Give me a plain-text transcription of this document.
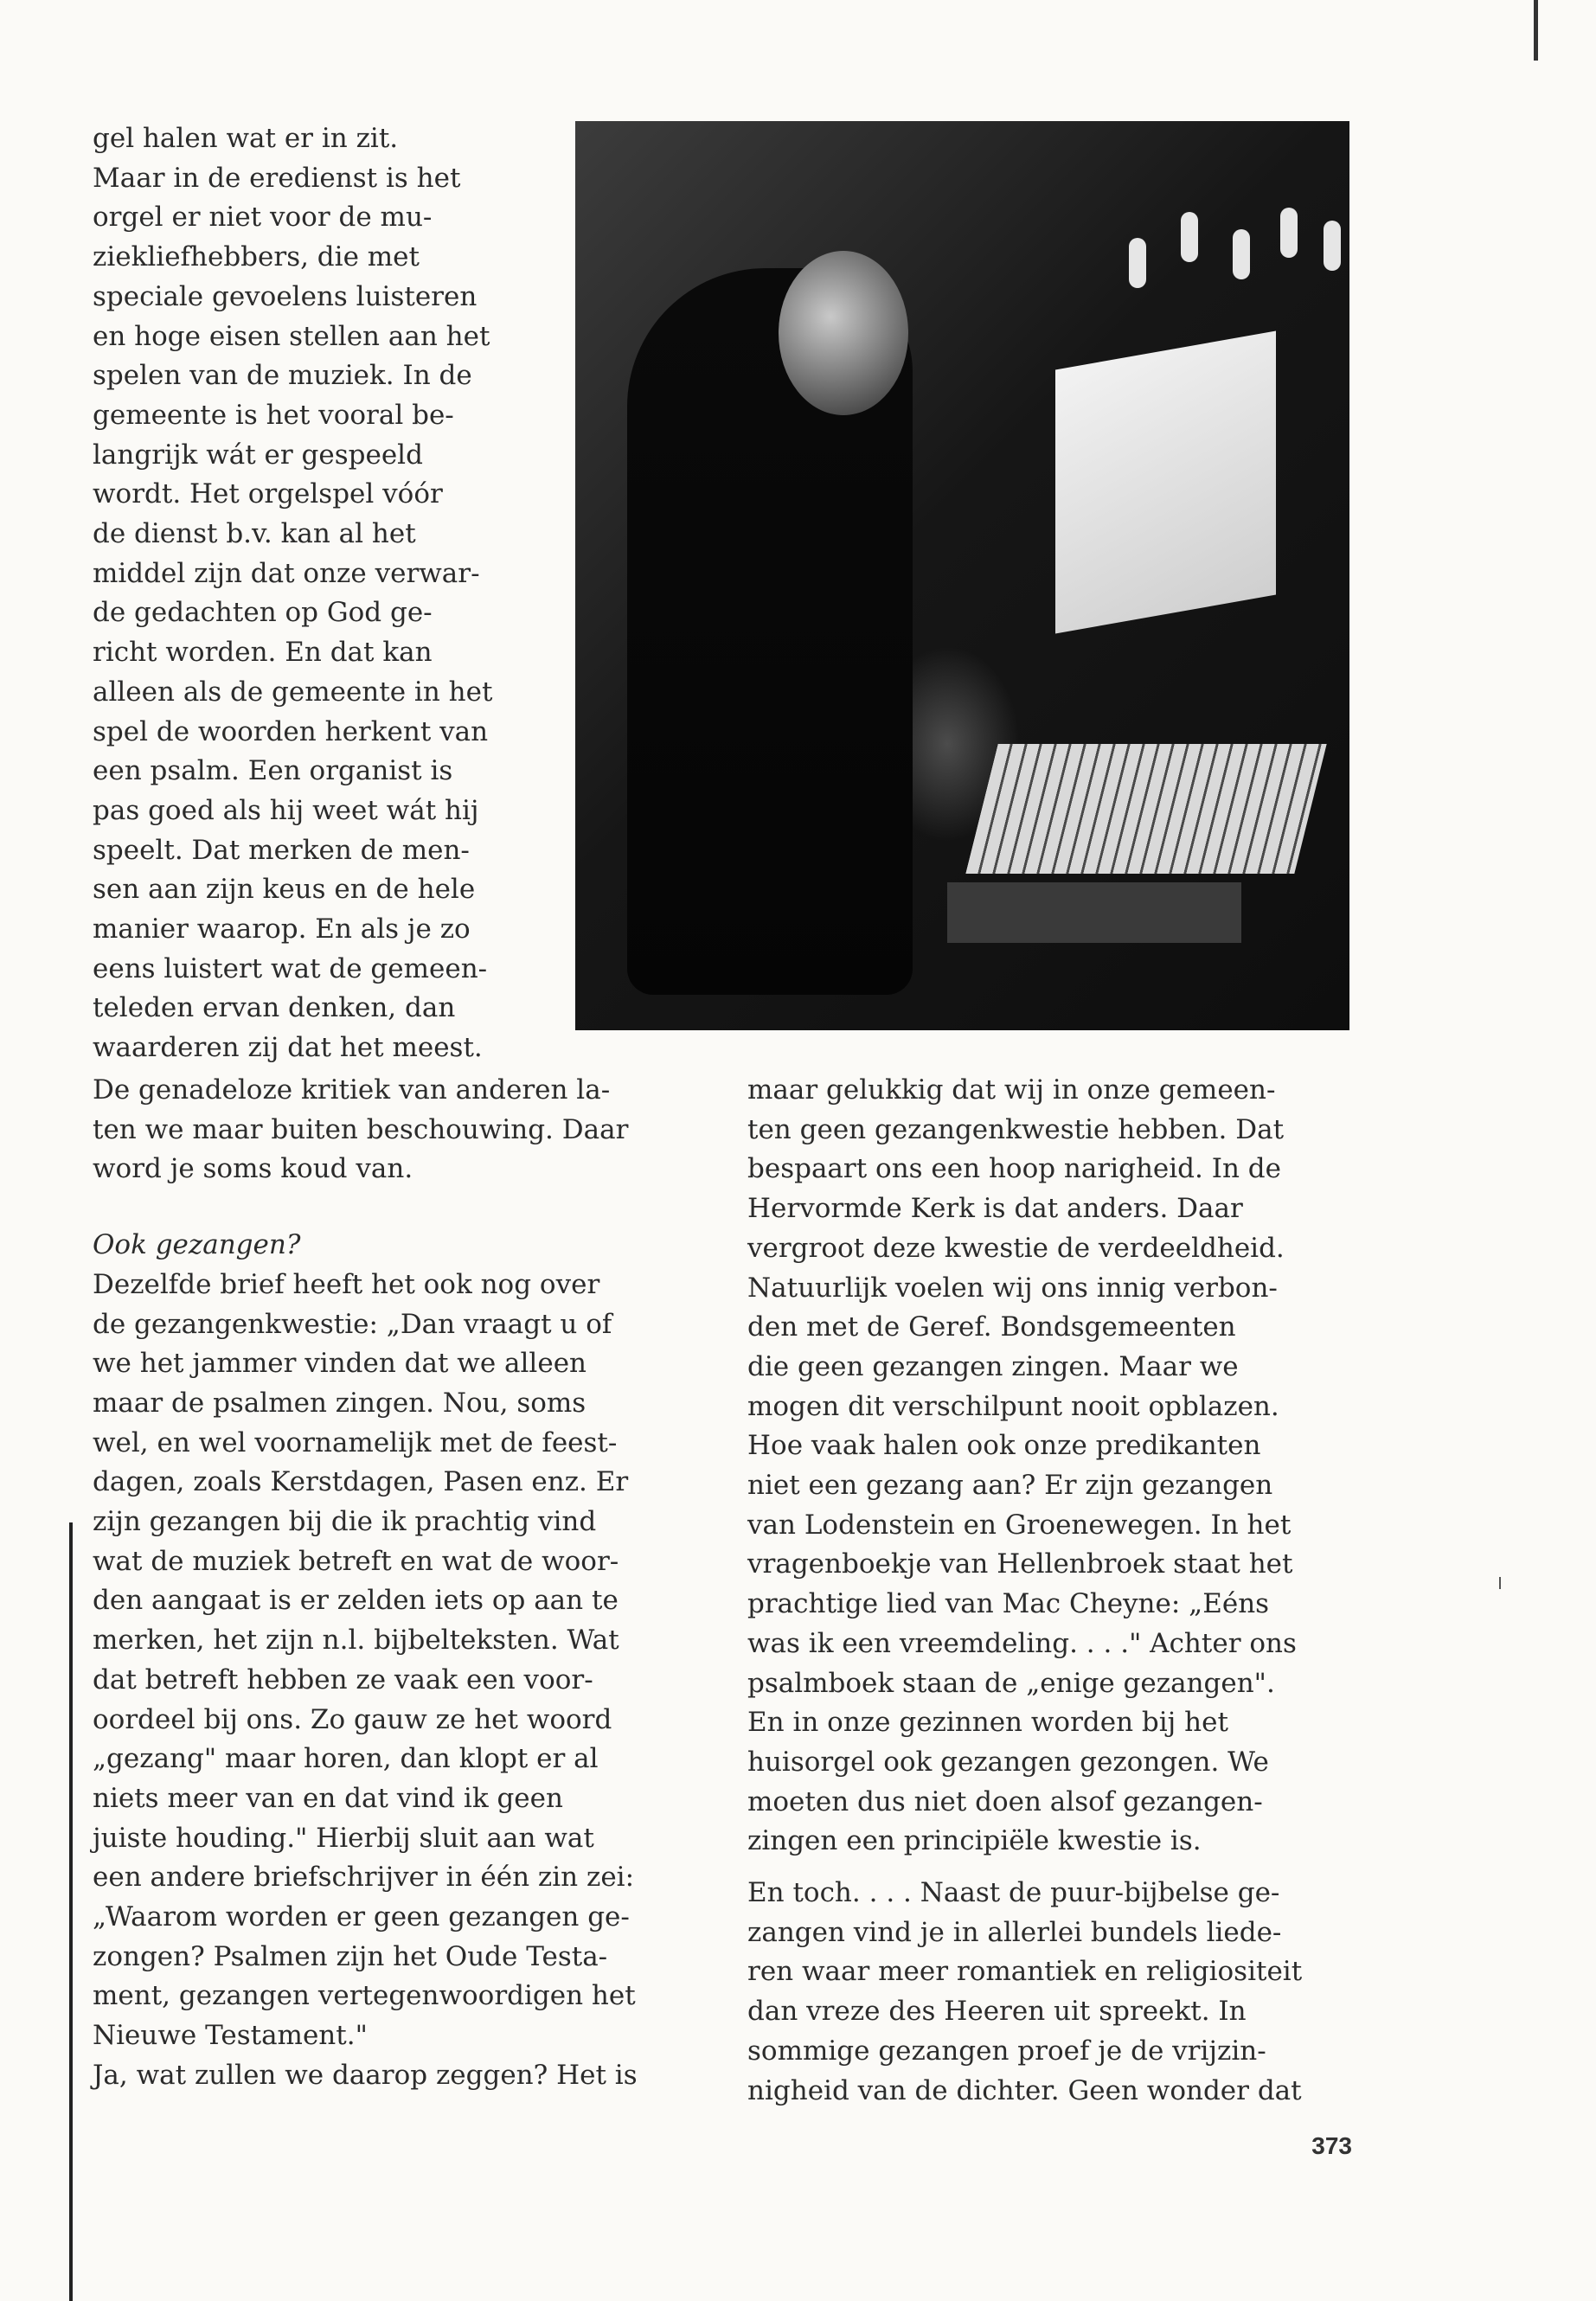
gel halen wat er in zit.

Maar in de eredienst is het

orgel er niet voor de mu-

ziekliefhebbers, die met

speciale gevoelens luisteren

en hoge eisen stellen aan het

spelen van de muziek. In de

gemeente is het vooral be-

langrijk wát er gespeeld

wordt. Het orgelspel vóór

de dienst b.v. kan al het

middel zijn dat onze verwar-

de gedachten op God ge-

richt worden. En dat kan

alleen als de gemeente in het

spel de woorden herkent van

een psalm. Een organist is

pas goed als hij weet wát hij

speelt. Dat merken de men-

sen aan zijn keus en de hele

manier waarop. En als je zo

eens luistert wat de gemeen-

teleden ervan denken, dan

waarderen zij dat het meest.

De genadeloze kritiek van anderen la-

ten we maar buiten beschouwing. Daar

word je soms koud van.

Ook gezangen?

Dezelfde brief heeft het ook nog over

de gezangenkwestie: „Dan vraagt u of

we het jammer vinden dat we alleen

maar de psalmen zingen. Nou, soms

wel, en wel voornamelijk met de feest-

dagen, zoals Kerstdagen, Pasen enz. Er

zijn gezangen bij die ik prachtig vind

wat de muziek betreft en wat de woor-

den aangaat is er zelden iets op aan te

merken, het zijn n.l. bijbelteksten. Wat

dat betreft hebben ze vaak een voor-

oordeel bij ons. Zo gauw ze het woord

„gezang" maar horen, dan klopt er al

niets meer van en dat vind ik geen

juiste houding." Hierbij sluit aan wat

een andere briefschrijver in één zin zei:

„Waarom worden er geen gezangen ge-

zongen? Psalmen zijn het Oude Testa-

ment, gezangen vertegenwoordigen het

Nieuwe Testament."

Ja, wat zullen we daarop zeggen? Het is

maar gelukkig dat wij in onze gemeen-

ten geen gezangenkwestie hebben. Dat

bespaart ons een hoop narigheid. In de

Hervormde Kerk is dat anders. Daar

vergroot deze kwestie de verdeeldheid.

Natuurlijk voelen wij ons innig verbon-

den met de Geref. Bondsgemeenten

die geen gezangen zingen. Maar we

mogen dit verschilpunt nooit opblazen.

Hoe vaak halen ook onze predikanten

niet een gezang aan? Er zijn gezangen

van Lodenstein en Groenewegen. In het

vragenboekje van Hellenbroek staat het

prachtige lied van Mac Cheyne: „Eéns

was ik een vreemdeling. . . ." Achter ons

psalmboek staan de „enige gezangen".

En in onze gezinnen worden bij het

huisorgel ook gezangen gezongen. We

moeten dus niet doen alsof gezangen-

zingen een principiële kwestie is.

En toch. . . . Naast de puur-bijbelse ge-

zangen vind je in allerlei bundels liede-

ren waar meer romantiek en religiositeit

dan vreze des Heeren uit spreekt. In

sommige gezangen proef je de vrijzin-

nigheid van de dichter. Geen wonder dat

373
